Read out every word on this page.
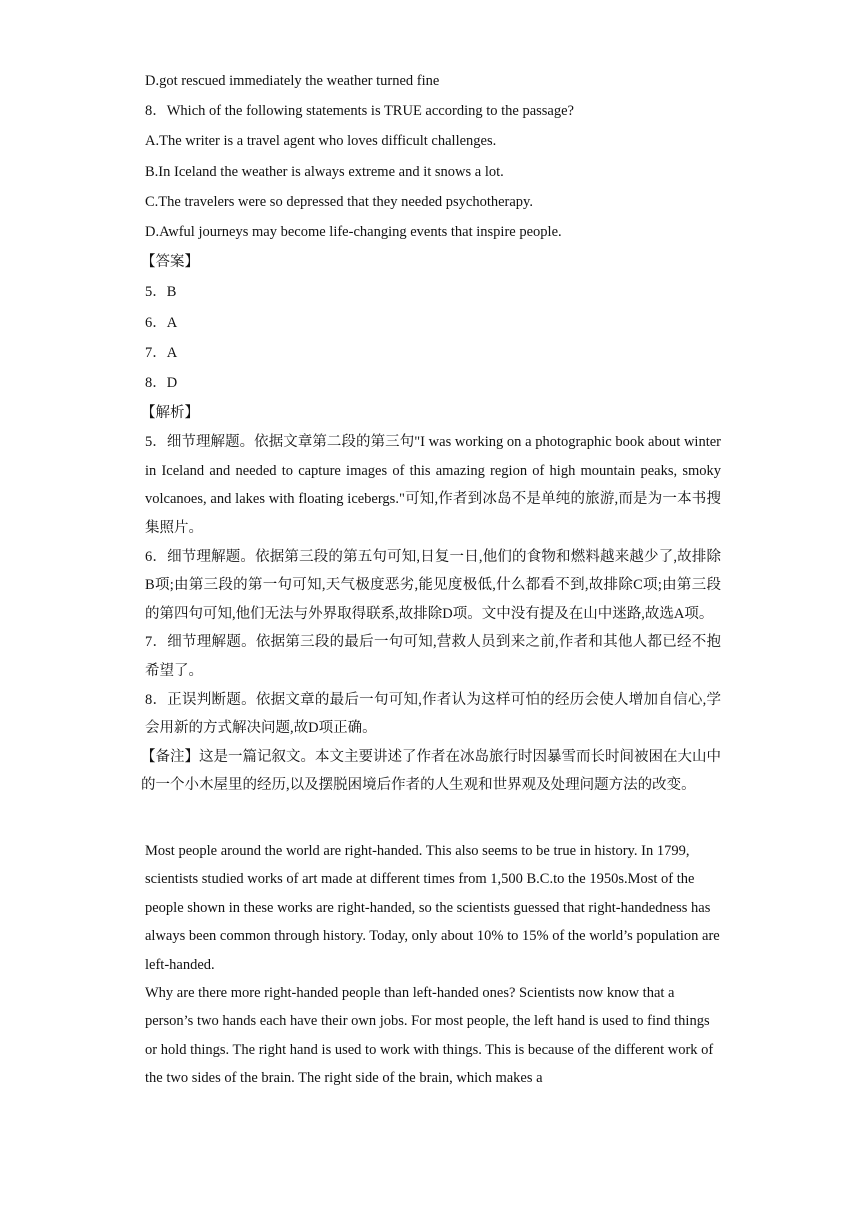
D.got rescued immediately the weather turned fine
8．Which of the following statements is TRUE according to the passage?
A.The writer is a travel agent who loves difficult challenges.
B.In Iceland the weather is always extreme and it snows a lot.
C.The travelers were so depressed that they needed psychotherapy.
D.Awful journeys may become life-changing events that inspire people.
【答案】
5．B
6．A
7．A
8．D
【解析】

5．细节理解题。依据文章第二段的第三句"I was working on a photographic book about winter in Iceland and needed to capture images of this amazing region of high mountain peaks, smoky volcanoes, and lakes with floating icebergs."可知,作者到冰岛不是单纯的旅游,而是为一本书搜集照片。

6．细节理解题。依据第三段的第五句可知,日复一日,他们的食物和燃料越来越少了,故排除B项;由第三段的第一句可知,天气极度恶劣,能见度极低,什么都看不到,故排除C项;由第三段的第四句可知,他们无法与外界取得联系,故排除D项。文中没有提及在山中迷路,故选A项。

7．细节理解题。依据第三段的最后一句可知,营救人员到来之前,作者和其他人都已经不抱希望了。

8．正误判断题。依据文章的最后一句可知,作者认为这样可怕的经历会使人增加自信心,学会用新的方式解决问题,故D项正确。

【备注】这是一篇记叙文。本文主要讲述了作者在冰岛旅行时因暴雪而长时间被困在大山中的一个小木屋里的经历,以及摆脱困境后作者的人生观和世界观及处理问题方法的改变。

Most people around the world are right-handed. This also seems to be true in history. In 1799, scientists studied works of art made at different times from 1,500 B.C.to the 1950s.Most of the people shown in these works are right-handed, so the scientists guessed that right-handedness has always been common through history. Today, only about 10% to 15% of the world’s population are left-handed.

Why are there more right-handed people than left-handed ones? Scientists now know that a person’s two hands each have their own jobs. For most people, the left hand is used to find things or hold things. The right hand is used to work with things. This is because of the different work of the two sides of the brain. The right side of the brain, which makes a
